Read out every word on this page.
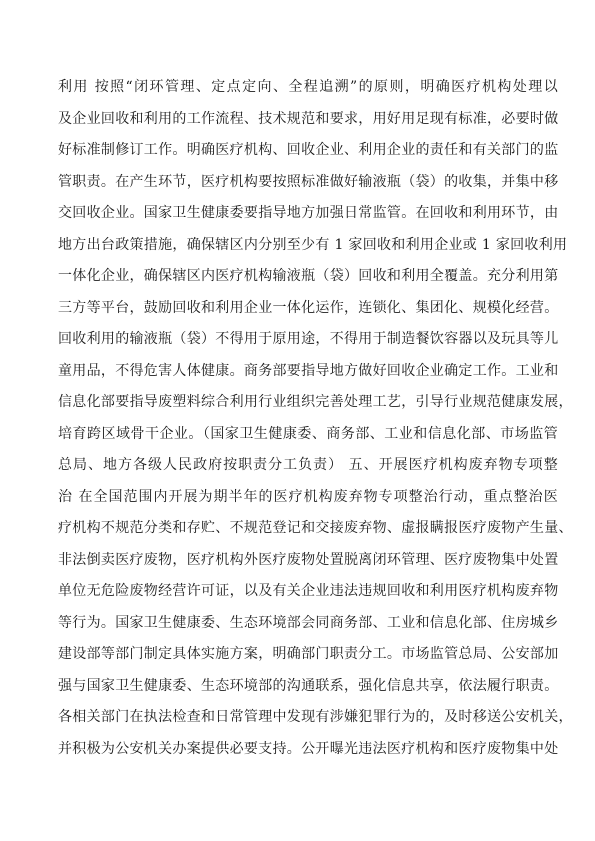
利用 按照“闭环管理、定点定向、全程追溯”的原则，明确医疗机构处理以
及企业回收和利用的工作流程、技术规范和要求，用好用足现有标准，必要时做
好标准制修订工作。明确医疗机构、回收企业、利用企业的责任和有关部门的监
管职责。在产生环节，医疗机构要按照标准做好输液瓶（袋）的收集，并集中移
交回收企业。国家卫生健康委要指导地方加强日常监管。在回收和利用环节，由
地方出台政策措施，确保辖区内分别至少有 1 家回收和利用企业或 1 家回收利用
一体化企业，确保辖区内医疗机构输液瓶（袋）回收和利用全覆盖。充分利用第
三方等平台，鼓励回收和利用企业一体化运作，连锁化、集团化、规模化经营。
回收利用的输液瓶（袋）不得用于原用途，不得用于制造餐饮容器以及玩具等儿
童用品，不得危害人体健康。商务部要指导地方做好回收企业确定工作。工业和
信息化部要指导废塑料综合利用行业组织完善处理工艺，引导行业规范健康发展，
培育跨区域骨干企业。（国家卫生健康委、商务部、工业和信息化部、市场监管
总局、地方各级人民政府按职责分工负责） 五、开展医疗机构废弃物专项整
治 在全国范围内开展为期半年的医疗机构废弃物专项整治行动，重点整治医
疗机构不规范分类和存贮、不规范登记和交接废弃物、虚报瞒报医疗废物产生量、
非法倒卖医疗废物，医疗机构外医疗废物处置脱离闭环管理、医疗废物集中处置
单位无危险废物经营许可证，以及有关企业违法违规回收和利用医疗机构废弃物
等行为。国家卫生健康委、生态环境部会同商务部、工业和信息化部、住房城乡
建设部等部门制定具体实施方案，明确部门职责分工。市场监管总局、公安部加
强与国家卫生健康委、生态环境部的沟通联系，强化信息共享，依法履行职责。
各相关部门在执法检查和日常管理中发现有涉嫌犯罪行为的，及时移送公安机关，
并积极为公安机关办案提供必要支持。公开曝光违法医疗机构和医疗废物集中处
